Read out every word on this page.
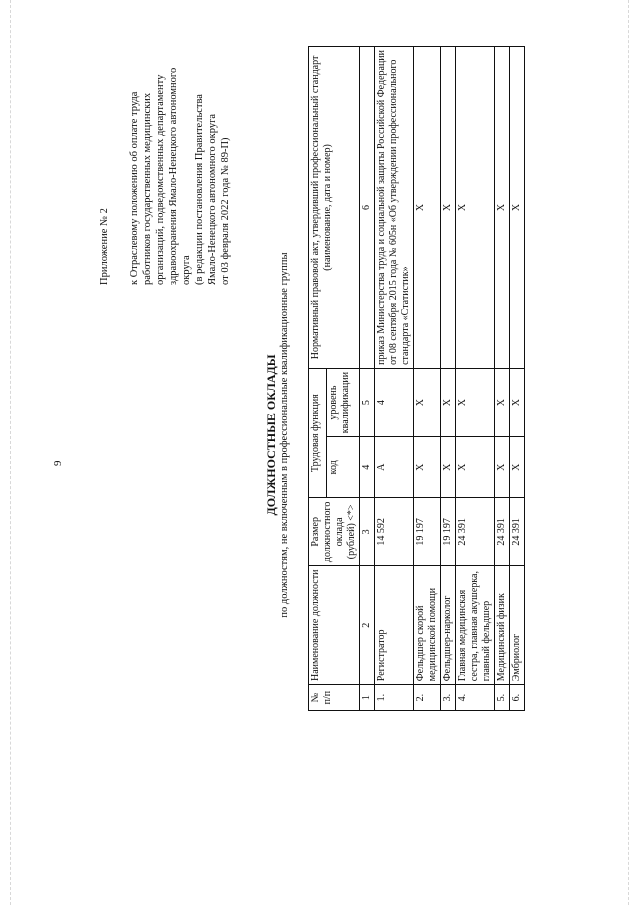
9
Приложение № 2 к Отраслевому положению об оплате труда работников государственных медицинских организаций, подведомственных департаменту здравоохранения Ямало-Ненецкого автономного округа (в редакции постановления Правительства Ямало-Ненецкого автономного округа от 03 февраля 2022 года № 89-П)
ДОЛЖНОСТНЫЕ ОКЛАДЫ по должностям, не включенным в профессиональные квалификационные группы
№ п/п	Наименование должности	Размер должностного оклада (рублей) <*>	Трудовая функция		Нормативный правовой акт, утвердивший профессиональный стандарт (наименование, дата и номер)
			код	уровень квалификации	
1	2	3	4	5	6
1.	Регистратор	14 592	А	4	приказ Министерства труда и социальной защиты Российской Федерации от 08 сентября 2015 года № 605н «Об утверждении профессионального стандарта «Статистик»
2.	Фельдшер скорой медицинской помощи	19 197	X	X	X
3.	Фельдшер-нарколог	19 197	X	X	X
4.	Главная медицинская сестра, главная акушерка, главный фельдшер	24 391	X	X	X
5.	Медицинский физик	24 391	X	X	X
6.	Эмбриолог	24 391	X	X	X
